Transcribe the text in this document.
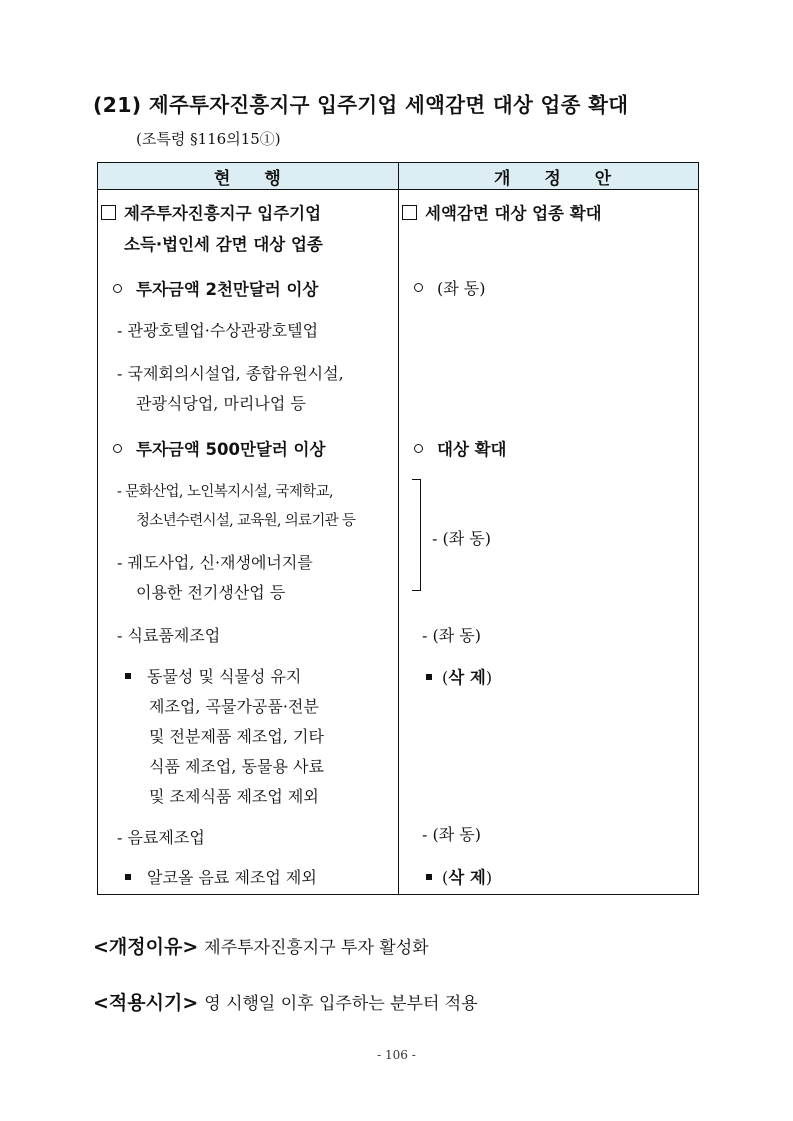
(21) 제주투자진흥지구 입주기업 세액감면 대상 업종 확대
(조특령 §116의15①)
현 행	개 정 안
제주투자진흥지구 입주기업
소득·법인세 감면 대상 업종
투자금액 2천만달러 이상
- 관광호텔업·수상관광호텔업
- 국제회의시설업, 종합유원시설,
관광식당업, 마리나업 등
투자금액 500만달러 이상
- 문화산업, 노인복지시설, 국제학교,
청소년수련시설, 교육원, 의료기관 등
- 궤도사업, 신·재생에너지를
이용한 전기생산업 등
- 식료품제조업
동물성 및 식물성 유지
제조업, 곡물가공품·전분
및 전분제품 제조업, 기타
식품 제조업, 동물용 사료
및 조제식품 제조업 제외
- 음료제조업
알코올 음료 제조업 제외
세액감면 대상 업종 확대
(좌 동)
대상 확대
- (좌 동)
- (좌 동)
(삭 제)
- (좌 동)
(삭 제)
<개정이유> 제주투자진흥지구 투자 활성화
<적용시기> 영 시행일 이후 입주하는 분부터 적용
- 106 -
